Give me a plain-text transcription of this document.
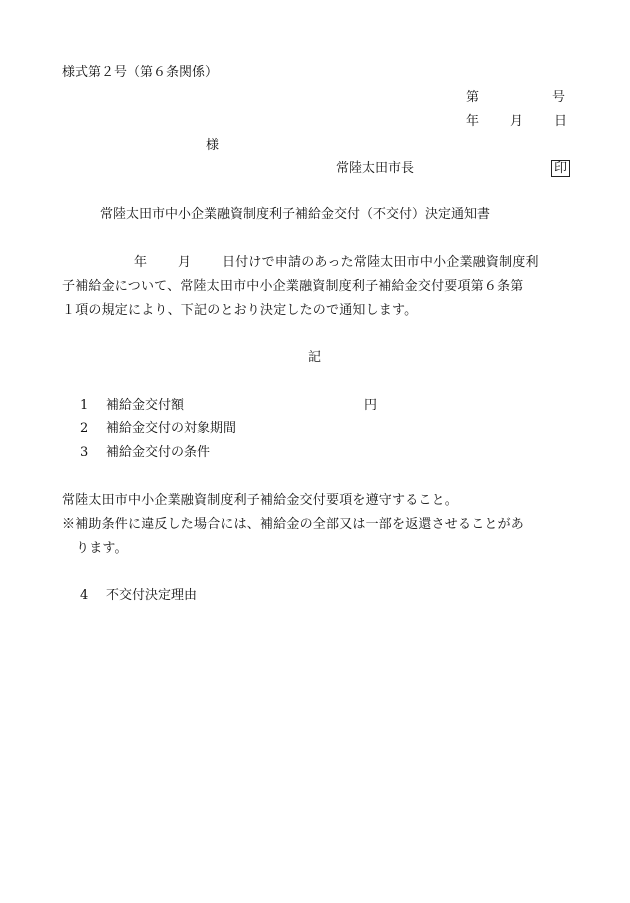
様式第２号（第６条関係）
第	号
年 月 日
様
常陸太田市長	印
常陸太田市中小企業融資制度利子補給金交付（不交付）決定通知書
年 月 日付けで申請のあった常陸太田市中小企業融資制度利
子補給金について、常陸太田市中小企業融資制度利子補給金交付要項第６条第
１項の規定により、下記のとおり決定したので通知します。
記
1 補給金交付額	円
2 補給金交付の対象期間
3 補給金交付の条件
常陸太田市中小企業融資制度利子補給金交付要項を遵守すること。
※補助条件に違反した場合には、補給金の全部又は一部を返還させることがあ
ります。
4 不交付決定理由
